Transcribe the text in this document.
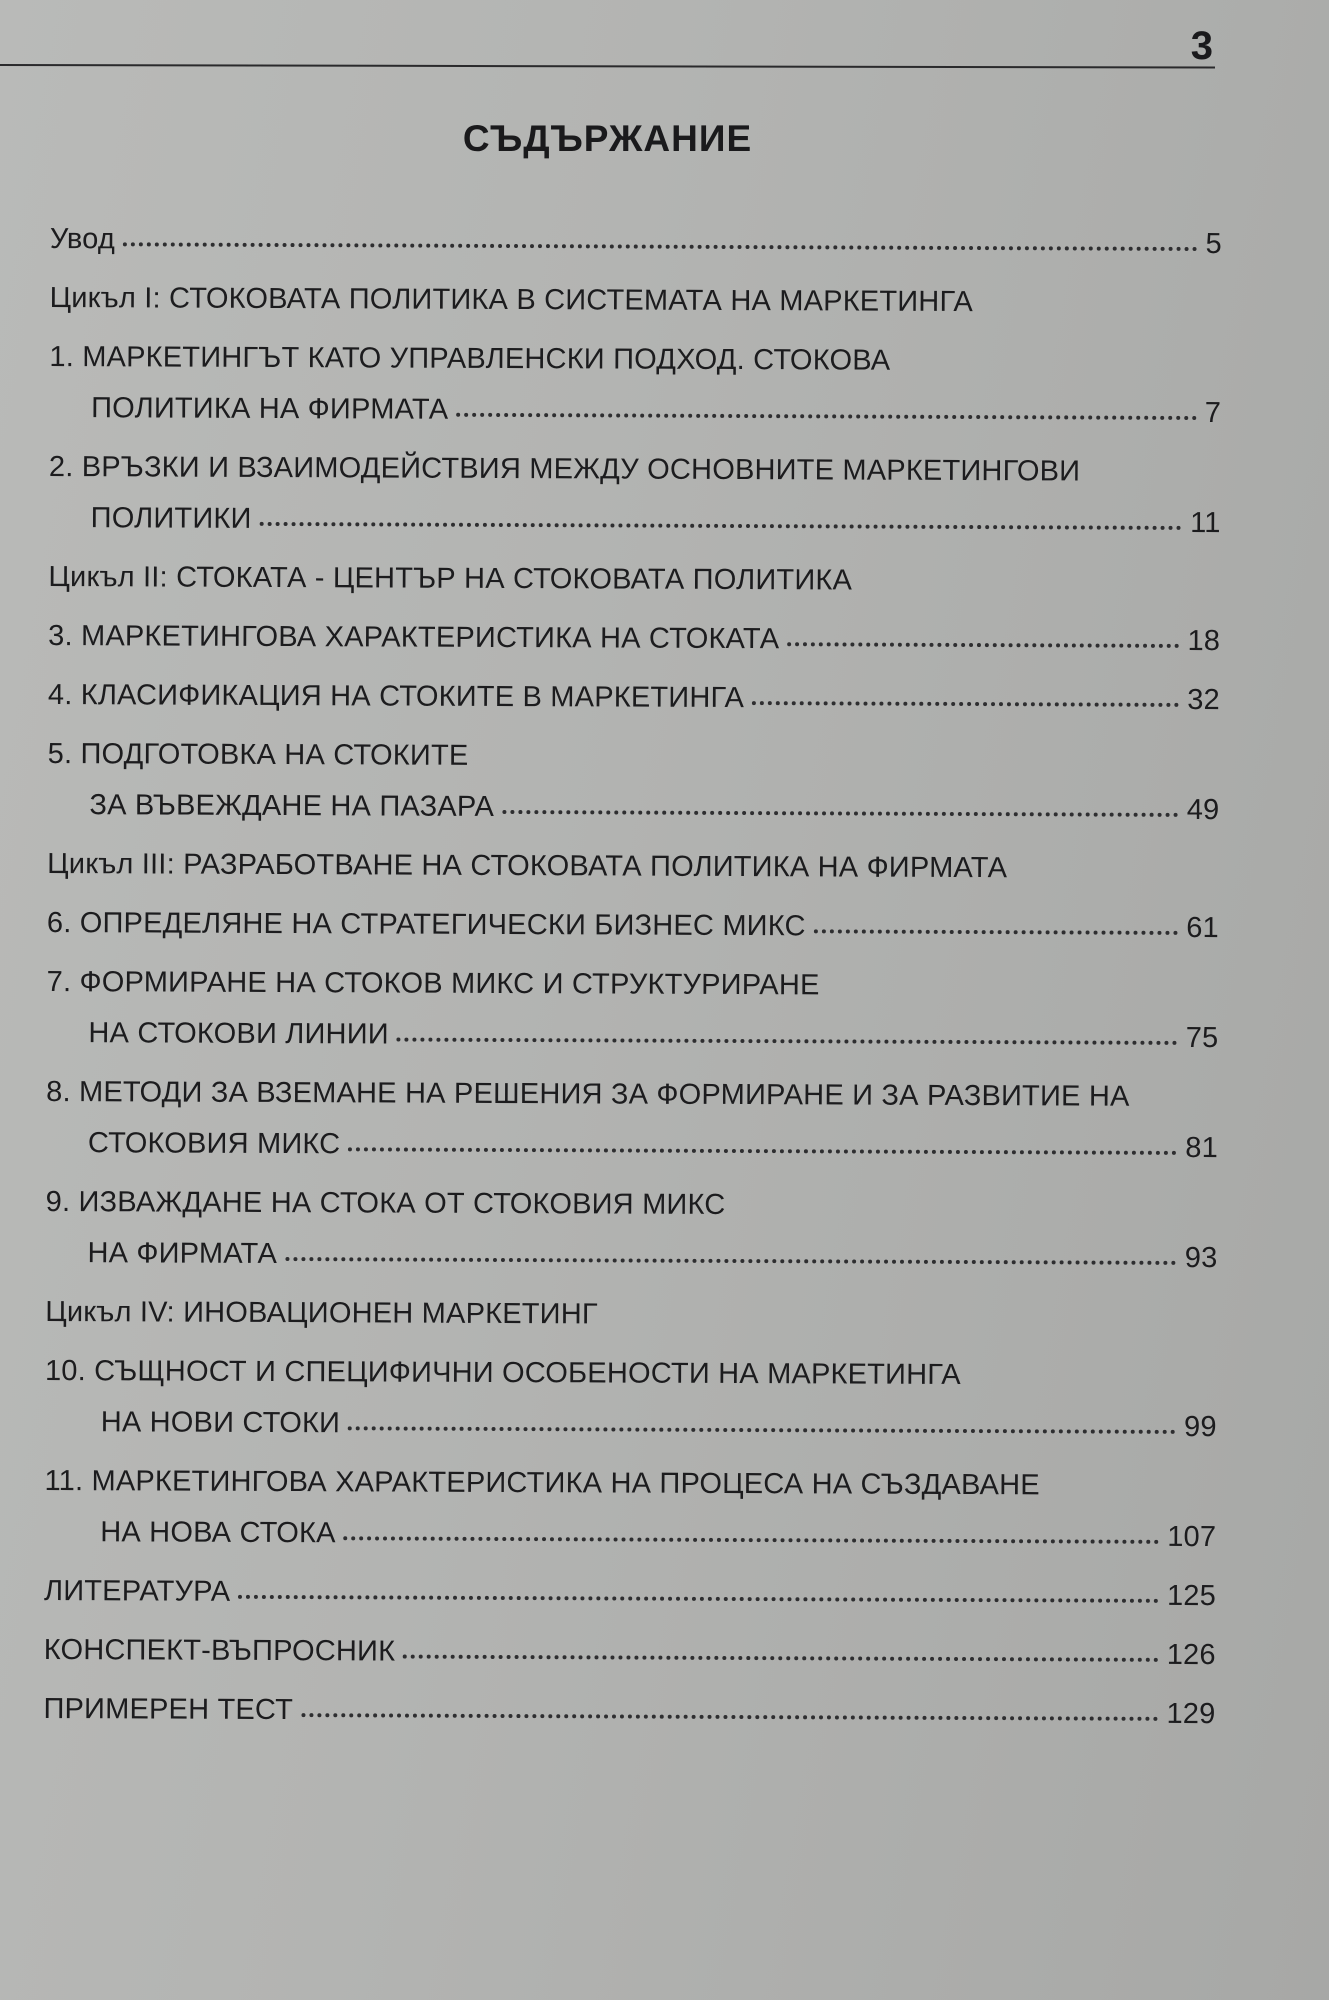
3
СЪДЪРЖАНИЕ
Увод	5
Цикъл I: СТОКОВАТА ПОЛИТИКА В СИСТЕМАТА НА МАРКЕТИНГА
1. МАРКЕТИНГЪТ КАТО УПРАВЛЕНСКИ ПОДХОД. СТОКОВА
ПОЛИТИКА НА ФИРМАТА	7
2. ВРЪЗКИ И ВЗАИМОДЕЙСТВИЯ МЕЖДУ ОСНОВНИТЕ МАРКЕТИНГОВИ
ПОЛИТИКИ	11
Цикъл II: СТОКАТА - ЦЕНТЪР НА СТОКОВАТА ПОЛИТИКА
3. МАРКЕТИНГОВА ХАРАКТЕРИСТИКА НА СТОКАТА	18
4. КЛАСИФИКАЦИЯ НА СТОКИТЕ В МАРКЕТИНГА	32
5. ПОДГОТОВКА НА СТОКИТЕ
ЗА ВЪВЕЖДАНЕ НА ПАЗАРА	49
Цикъл III: РАЗРАБОТВАНЕ НА СТОКОВАТА ПОЛИТИКА НА ФИРМАТА
6. ОПРЕДЕЛЯНЕ НА СТРАТЕГИЧЕСКИ БИЗНЕС МИКС	61
7. ФОРМИРАНЕ НА СТОКОВ МИКС И СТРУКТУРИРАНЕ
НА СТОКОВИ ЛИНИИ	75
8. МЕТОДИ ЗА ВЗЕМАНЕ НА РЕШЕНИЯ ЗА ФОРМИРАНЕ И ЗА РАЗВИТИЕ НА
СТОКОВИЯ МИКС	81
9. ИЗВАЖДАНЕ НА СТОКА ОТ СТОКОВИЯ МИКС
НА ФИРМАТА	93
Цикъл IV: ИНОВАЦИОНЕН МАРКЕТИНГ
10. СЪЩНОСТ И СПЕЦИФИЧНИ ОСОБЕНОСТИ НА МАРКЕТИНГА
НА НОВИ СТОКИ	99
11. МАРКЕТИНГОВА ХАРАКТЕРИСТИКА НА ПРОЦЕСА НА СЪЗДАВАНЕ
НА НОВА СТОКА	107
ЛИТЕРАТУРА	125
КОНСПЕКТ-ВЪПРОСНИК	126
ПРИМЕРЕН ТЕСТ	129
